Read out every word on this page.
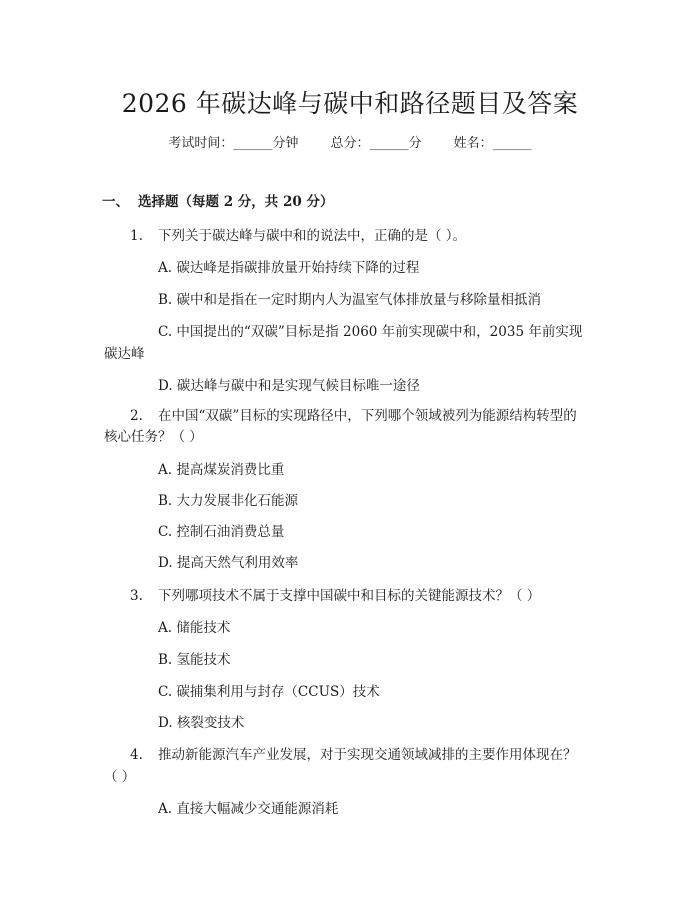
2026 年碳达峰与碳中和路径题目及答案
考试时间：______分钟 总分：______分 姓名：______
一、 选择题（每题 2 分，共 20 分）
1. 下列关于碳达峰与碳中和的说法中，正确的是（ ）。
A. 碳达峰是指碳排放量开始持续下降的过程
B. 碳中和是指在一定时期内人为温室气体排放量与移除量相抵消
C. 中国提出的“双碳”目标是指 2060 年前实现碳中和，2035 年前实现
碳达峰
D. 碳达峰与碳中和是实现气候目标唯一途径
2. 在中国“双碳”目标的实现路径中，下列哪个领域被列为能源结构转型的
核心任务？（ ）
A. 提高煤炭消费比重
B. 大力发展非化石能源
C. 控制石油消费总量
D. 提高天然气利用效率
3. 下列哪项技术不属于支撑中国碳中和目标的关键能源技术？（ ）
A. 储能技术
B. 氢能技术
C. 碳捕集利用与封存（CCUS）技术
D. 核裂变技术
4. 推动新能源汽车产业发展，对于实现交通领域减排的主要作用体现在？
（ ）
A. 直接大幅减少交通能源消耗
